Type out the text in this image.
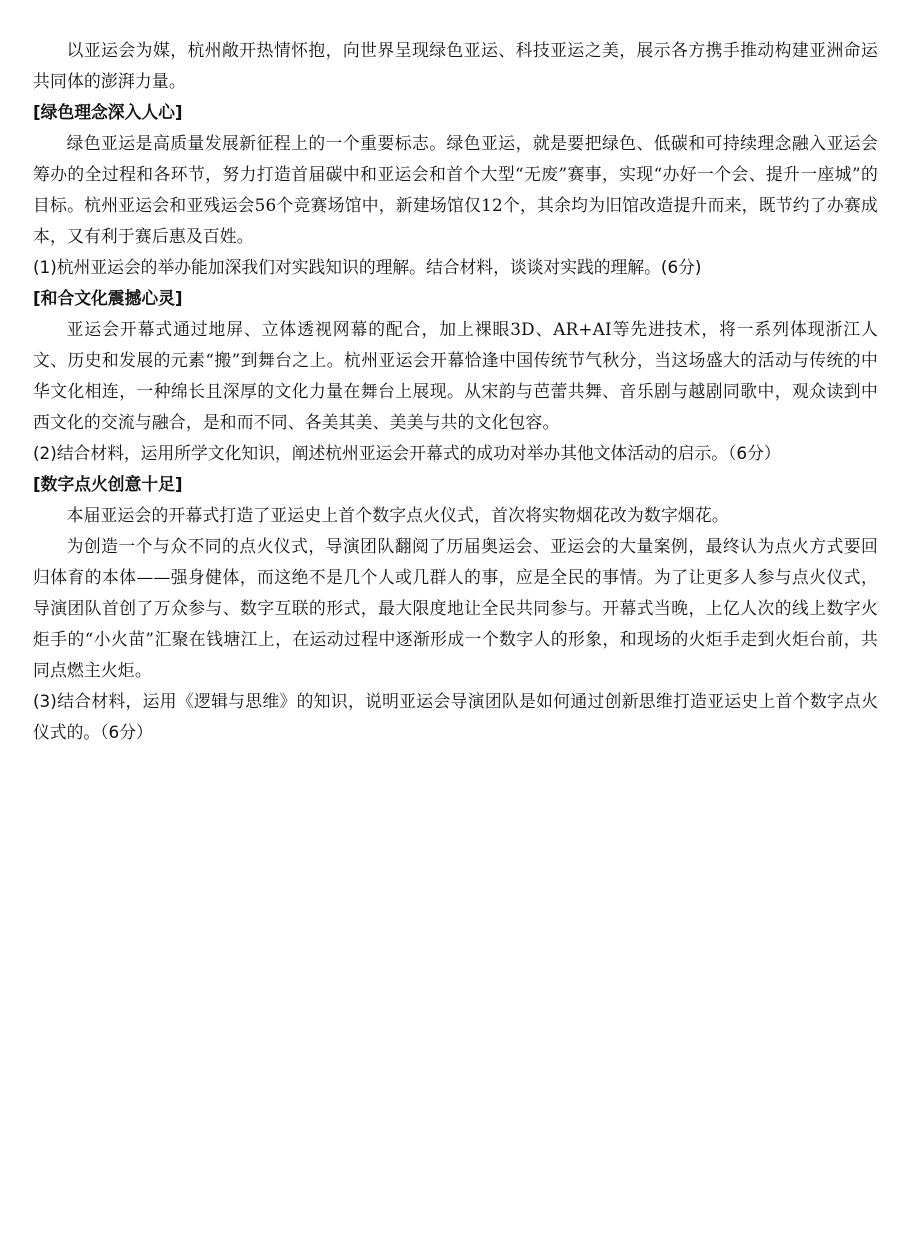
以亚运会为媒，杭州敞开热情怀抱，向世界呈现绿色亚运、科技亚运之美，展示各方携手推动构建亚洲命运共同体的澎湃力量。

[绿色理念深入人心]

绿色亚运是高质量发展新征程上的一个重要标志。绿色亚运，就是要把绿色、低碳和可持续理念融入亚运会筹办的全过程和各环节，努力打造首届碳中和亚运会和首个大型“无废”赛事，实现“办好一个会、提升一座城”的目标。杭州亚运会和亚残运会56个竞赛场馆中，新建场馆仅12个，其余均为旧馆改造提升而来，既节约了办赛成本，又有利于赛后惠及百姓。

(1)杭州亚运会的举办能加深我们对实践知识的理解。结合材料，谈谈对实践的理解。(6分)

[和合文化震撼心灵]

亚运会开幕式通过地屏、立体透视网幕的配合，加上裸眼3D、AR+AI等先进技术，将一系列体现浙江人文、历史和发展的元素“搬”到舞台之上。杭州亚运会开幕恰逢中国传统节气秋分，当这场盛大的活动与传统的中华文化相连，一种绵长且深厚的文化力量在舞台上展现。从宋韵与芭蕾共舞、音乐剧与越剧同歌中，观众读到中西文化的交流与融合，是和而不同、各美其美、美美与共的文化包容。

(2)结合材料，运用所学文化知识，阐述杭州亚运会开幕式的成功对举办其他文体活动的启示。（6分）

[数字点火创意十足]

本届亚运会的开幕式打造了亚运史上首个数字点火仪式，首次将实物烟花改为数字烟花。

为创造一个与众不同的点火仪式，导演团队翻阅了历届奥运会、亚运会的大量案例，最终认为点火方式要回归体育的本体——强身健体，而这绝不是几个人或几群人的事，应是全民的事情。为了让更多人参与点火仪式，导演团队首创了万众参与、数字互联的形式，最大限度地让全民共同参与。开幕式当晚，上亿人次的线上数字火炬手的“小火苗”汇聚在钱塘江上，在运动过程中逐渐形成一个数字人的形象，和现场的火炬手走到火炬台前，共同点燃主火炬。

(3)结合材料，运用《逻辑与思维》的知识，说明亚运会导演团队是如何通过创新思维打造亚运史上首个数字点火仪式的。（6分）
